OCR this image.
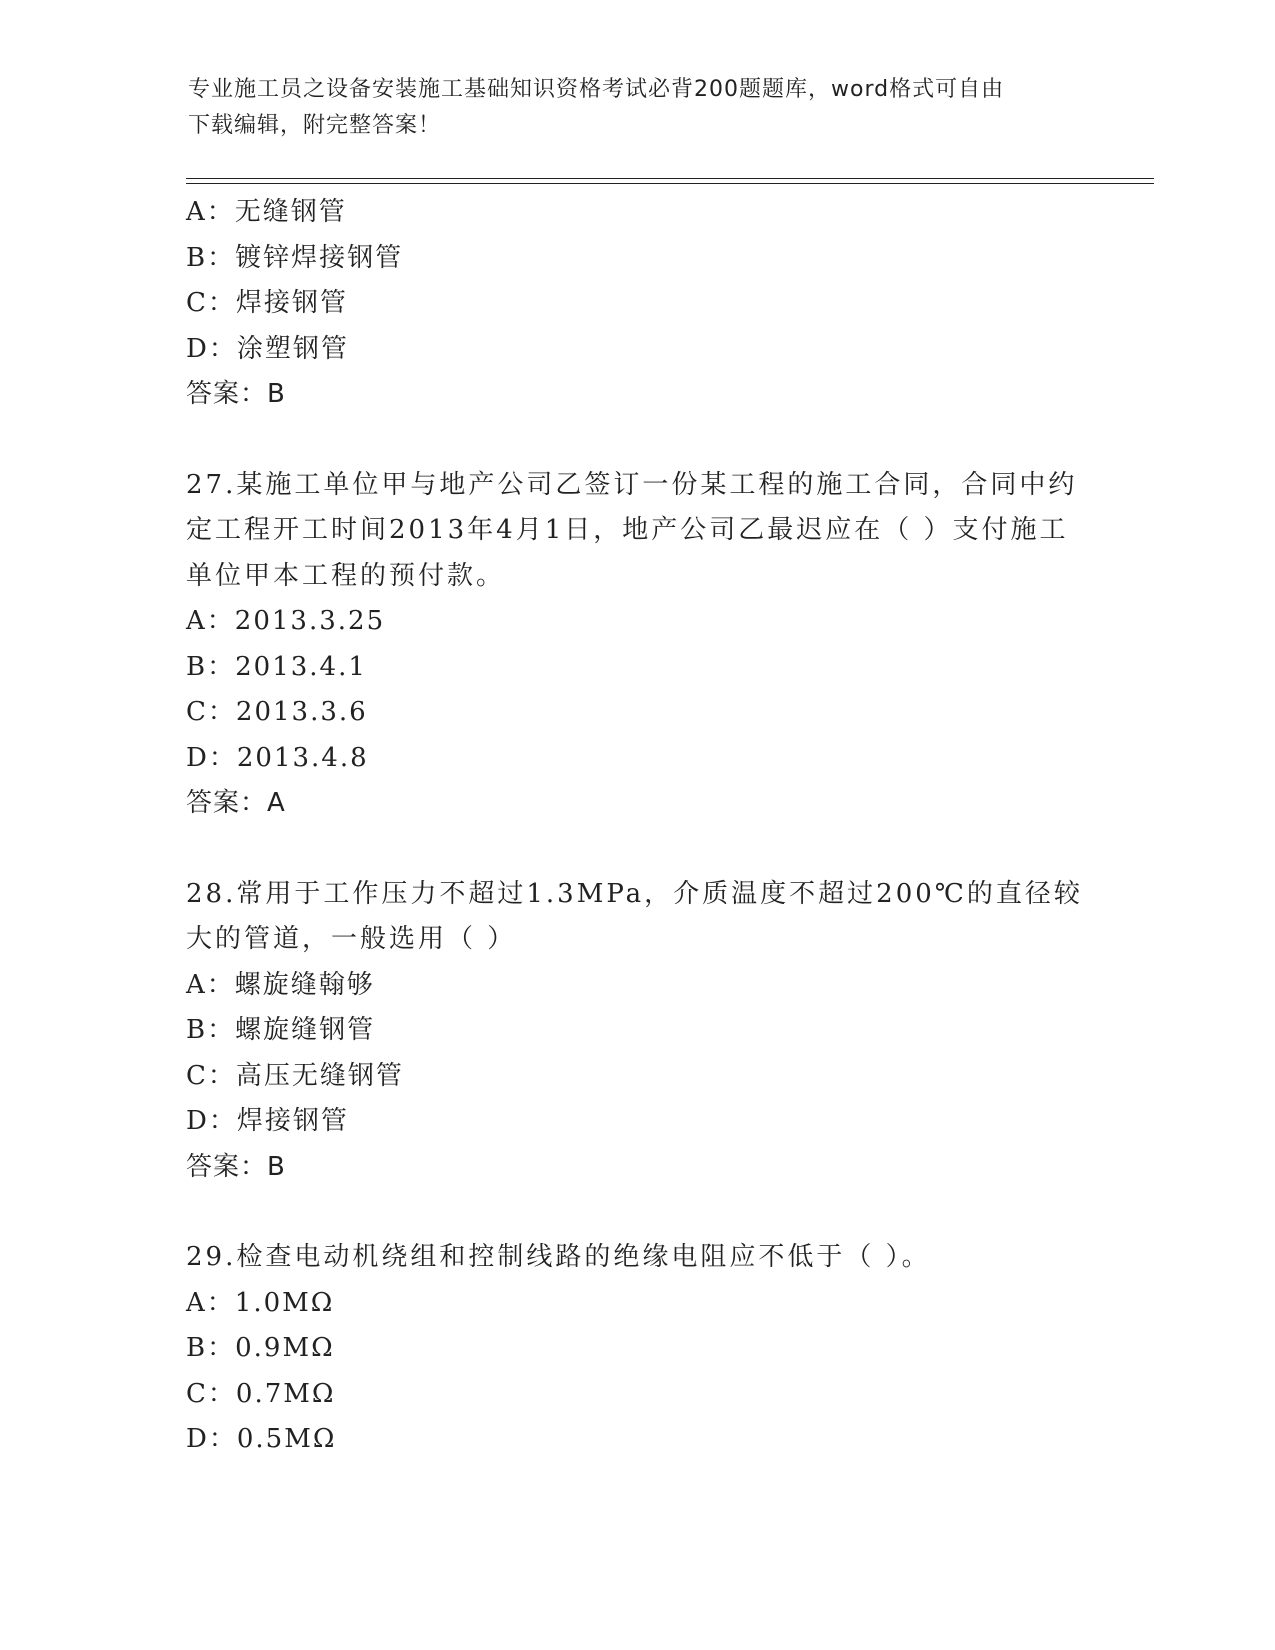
专业施工员之设备安装施工基础知识资格考试必背200题题库，word格式可自由
下载编辑，附完整答案！
A：无缝钢管
B：镀锌焊接钢管
C：焊接钢管
D：涂塑钢管
答案：B
27.某施工单位甲与地产公司乙签订一份某工程的施工合同，合同中约定工程开工时间2013年4月1日，地产公司乙最迟应在（ ）支付施工单位甲本工程的预付款。
A：2013.3.25
B：2013.4.1
C：2013.3.6
D：2013.4.8
答案：A
28.常用于工作压力不超过1.3MPa，介质温度不超过200℃的直径较大的管道，一般选用（ ）
A：螺旋缝翰够
B：螺旋缝钢管
C：高压无缝钢管
D：焊接钢管
答案：B
29.检查电动机绕组和控制线路的绝缘电阻应不低于（ ）。
A：1.0MΩ
B：0.9MΩ
C：0.7MΩ
D：0.5MΩ
